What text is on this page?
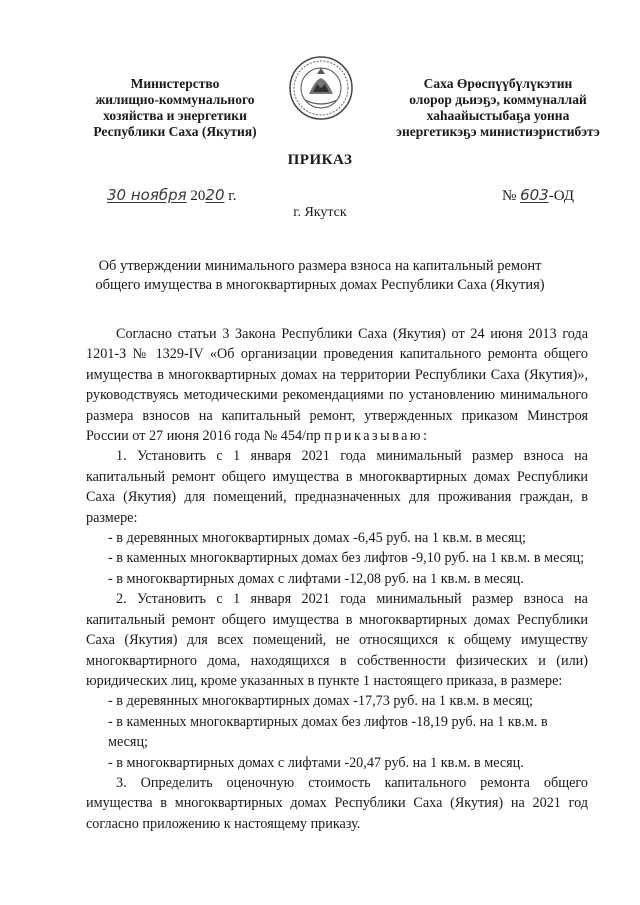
Министерство
жилищно-коммунального
хозяйства и энергетики
Республики Саха (Якутия)
Саха Өрөспүүбүлүкэтин
олорор дьиэҕэ, коммуналлай
хаһаайыстыбаҕа уонна
энергетикэҕэ министиэристибэтэ
ПРИКАЗ
30 ноября 2020 г.	№ 603-ОД
г. Якутск
Об утверждении минимального размера взноса на капитальный ремонт
общего имущества в многоквартирных домах Республики Саха (Якутия)

Согласно статьи 3 Закона Республики Саха (Якутия) от 24 июня 2013 года 1201-З № 1329-IV «Об организации проведения капитального ремонта общего имущества в многоквартирных домах на территории Республики Саха (Якутия)», руководствуясь методическими рекомендациями по установлению минимального размера взносов на капитальный ремонт, утвержденных приказом Минстроя России от 27 июня 2016 года № 454/пр приказываю:

1. Установить с 1 января 2021 года минимальный размер взноса на капитальный ремонт общего имущества в многоквартирных домах Республики Саха (Якутия) для помещений, предназначенных для проживания граждан, в размере:

- в деревянных многоквартирных домах -6,45 руб. на 1 кв.м. в месяц;

- в каменных многоквартирных домах без лифтов -9,10 руб. на 1 кв.м. в месяц;

- в многоквартирных домах с лифтами -12,08 руб. на 1 кв.м. в месяц.

2. Установить с 1 января 2021 года минимальный размер взноса на капитальный ремонт общего имущества в многоквартирных домах Республики Саха (Якутия) для всех помещений, не относящихся к общему имуществу многоквартирного дома, находящихся в собственности физических и (или) юридических лиц, кроме указанных в пункте 1 настоящего приказа, в размере:

- в деревянных многоквартирных домах -17,73 руб. на 1 кв.м. в месяц;

- в каменных многоквартирных домах без лифтов -18,19 руб. на 1 кв.м. в месяц;

- в многоквартирных домах с лифтами -20,47 руб. на 1 кв.м. в месяц.

3. Определить оценочную стоимость капитального ремонта общего имущества в многоквартирных домах Республики Саха (Якутия) на 2021 год согласно приложению к настоящему приказу.
